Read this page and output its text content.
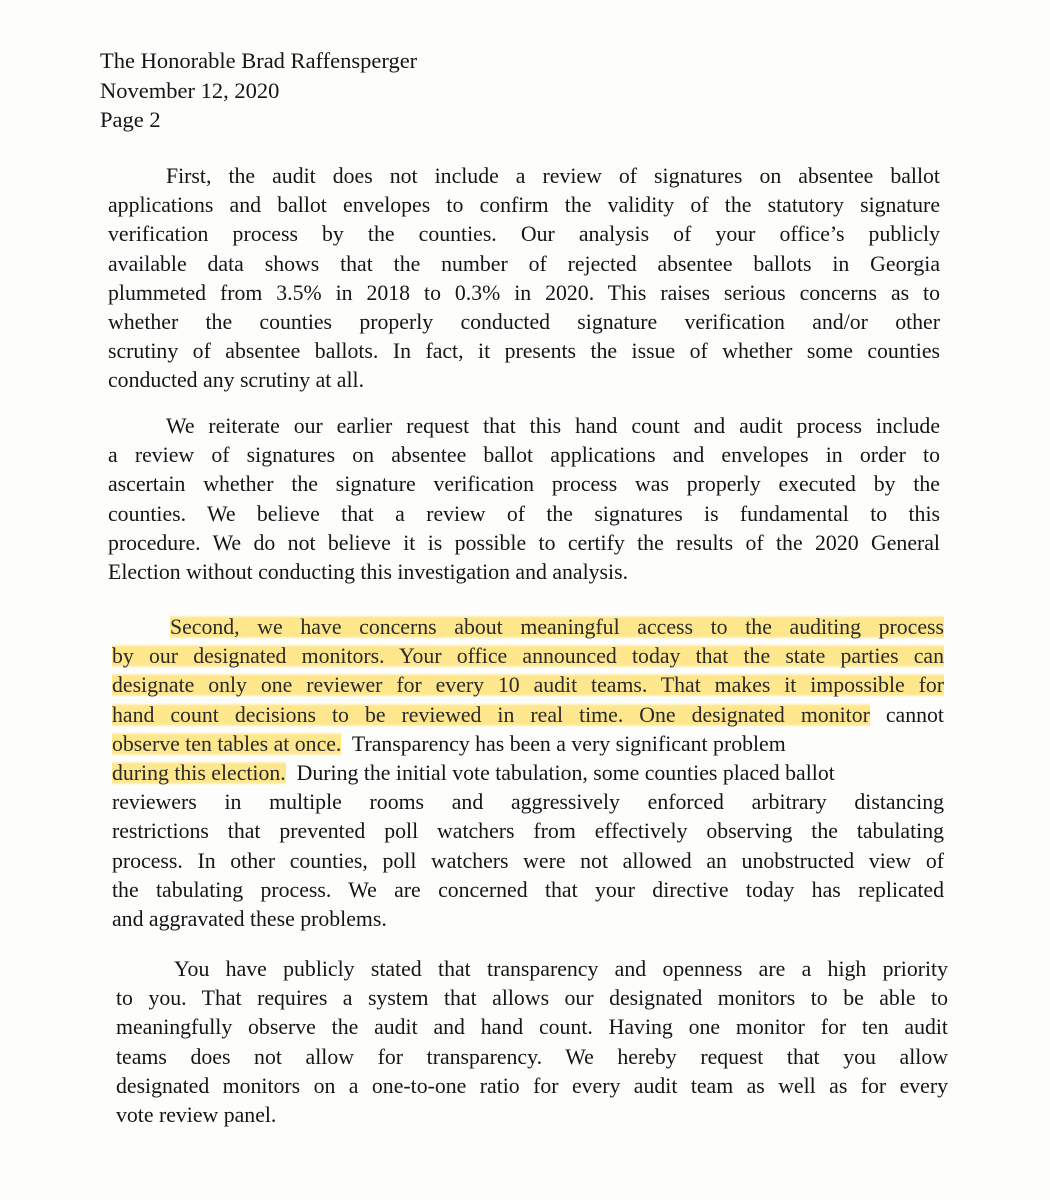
The Honorable Brad Raffensperger
November 12, 2020
Page 2
First, the audit does not include a review of signatures on absentee ballot
applications and ballot envelopes to confirm the validity of the statutory signature
verification process by the counties. Our analysis of your office’s publicly
available data shows that the number of rejected absentee ballots in Georgia
plummeted from 3.5% in 2018 to 0.3% in 2020. This raises serious concerns as to
whether the counties properly conducted signature verification and/or other
scrutiny of absentee ballots. In fact, it presents the issue of whether some counties
conducted any scrutiny at all.
We reiterate our earlier request that this hand count and audit process include
a review of signatures on absentee ballot applications and envelopes in order to
ascertain whether the signature verification process was properly executed by the
counties. We believe that a review of the signatures is fundamental to this
procedure. We do not believe it is possible to certify the results of the 2020 General
Election without conducting this investigation and analysis.
Second, we have concerns about meaningful access to the auditing process
by our designated monitors. Your office announced today that the state parties can
designate only one reviewer for every 10 audit teams. That makes it impossible for
hand count decisions to be reviewed in real time. One designated monitor cannot
observe ten tables at once.  Transparency has been a very significant problem
during this election.  During the initial vote tabulation, some counties placed ballot
reviewers in multiple rooms and aggressively enforced arbitrary distancing
restrictions that prevented poll watchers from effectively observing the tabulating
process. In other counties, poll watchers were not allowed an unobstructed view of
the tabulating process. We are concerned that your directive today has replicated
and aggravated these problems.
You have publicly stated that transparency and openness are a high priority
to you. That requires a system that allows our designated monitors to be able to
meaningfully observe the audit and hand count. Having one monitor for ten audit
teams does not allow for transparency. We hereby request that you allow
designated monitors on a one-to-one ratio for every audit team as well as for every
vote review panel.
